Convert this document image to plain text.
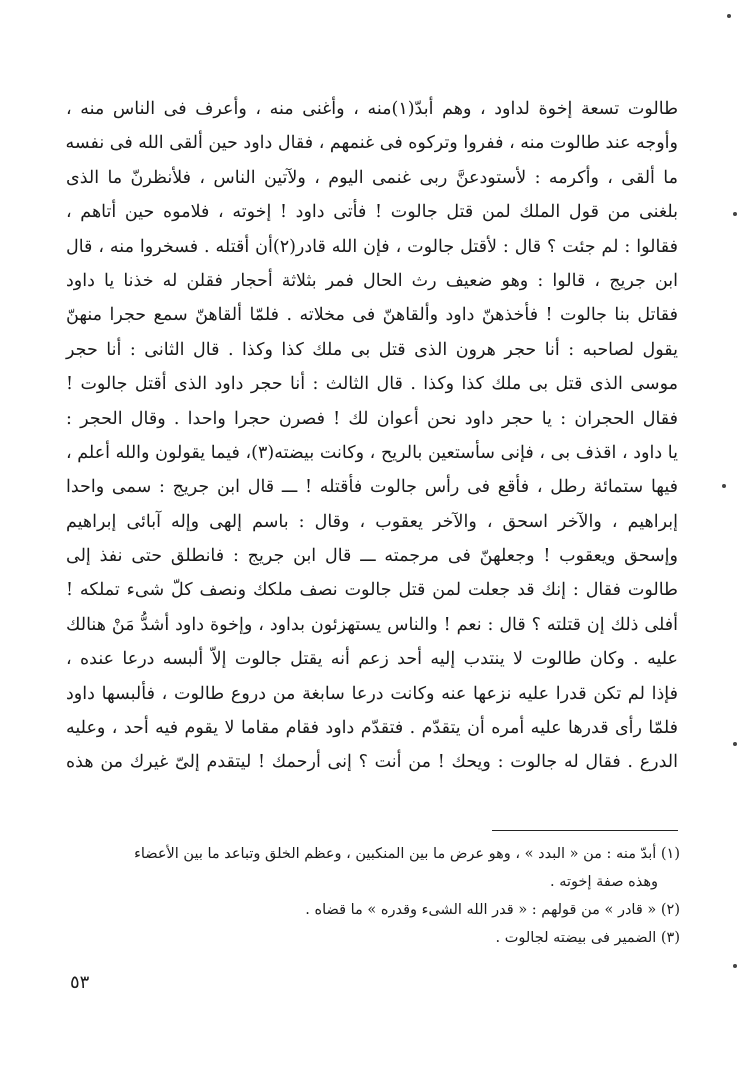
طالوت تسعة إخوة لداود ، وهم أبدّ(١)منه ، وأغنى منه ، وأعرف فى الناس منه ،
وأوجه عند طالوت منه ، ففروا وتركوه فى غنمهم ، فقال داود حين ألقى الله فى نفسه
ما ألقى ، وأكرمه : لأستودعنَّ ربى غنمى اليوم ، ولآتين الناس ، فلأنظرنّ ما الذى
بلغنى من قول الملك لمن قتل جالوت ! فأتى داود ! إخوته ، فلاموه حين أتاهم ،
فقالوا : لم جئت ؟ قال : لأقتل جالوت ، فإن الله قادر(٢)أن أقتله . فسخروا منه ، قال
ابن جريج ، قالوا : وهو ضعيف رث الحال فمر بثلاثة أحجار فقلن له خذنا يا داود
فقاتل بنا جالوت ! فأخذهنّ داود وألقاهنّ فى مخلاته . فلمّا ألقاهنّ سمع حجرا منهنّ
يقول لصاحبه : أنا حجر هرون الذى قتل بى ملك كذا وكذا . قال الثانى : أنا حجر
موسى الذى قتل بى ملك كذا وكذا . قال الثالث : أنا حجر داود الذى أقتل جالوت !
فقال الحجران : يا حجر داود نحن أعوان لك ! فصرن حجرا واحدا . وقال الحجر :
يا داود ، اقذف بى ، فإنى سأستعين بالريح ، وكانت بيضته(٣)، فيما يقولون والله أعلم ،
فيها ستمائة رطل ، فأقع فى رأس جالوت فأقتله ! ـــ قال ابن جريج : سمى واحدا
إبراهيم ، والآخر اسحق ، والآخر يعقوب ، وقال : باسم إلهى وإله آبائى إبراهيم
وإسحق ويعقوب ! وجعلهنّ فى مرجمته ـــ قال ابن جريج : فانطلق حتى نفذ إلى
طالوت فقال : إنك قد جعلت لمن قتل جالوت نصف ملكك ونصف كلّ شىء تملكه !
أفلى ذلك إن قتلته ؟ قال : نعم ! والناس يستهزئون بداود ، وإخوة داود أشدُّ مَنْ هنالك
عليه . وكان طالوت لا ينتدب إليه أحد زعم أنه يقتل جالوت إلاّ ألبسه درعا عنده ،
فإذا لم تكن قدرا عليه نزعها عنه وكانت درعا سابغة من دروع طالوت ، فألبسها داود
فلمّا رأى قدرها عليه أمره أن يتقدّم . فتقدّم داود فقام مقاما لا يقوم فيه أحد ، وعليه
الدرع . فقال له جالوت : ويحك ! من أنت ؟ إنى أرحمك ! ليتقدم إلىّ غيرك من هذه
(١) أبدّ منه : من « البدد » ، وهو عرض ما بين المنكبين ، وعظم الخلق وتباعد ما بين الأعضاء
وهذه صفة إخوته .
(٢) « قادر » من قولهم : « قدر الله الشىء وقدره » ما قضاه .
(٣) الضمير فى بيضته لجالوت .
٥٣
